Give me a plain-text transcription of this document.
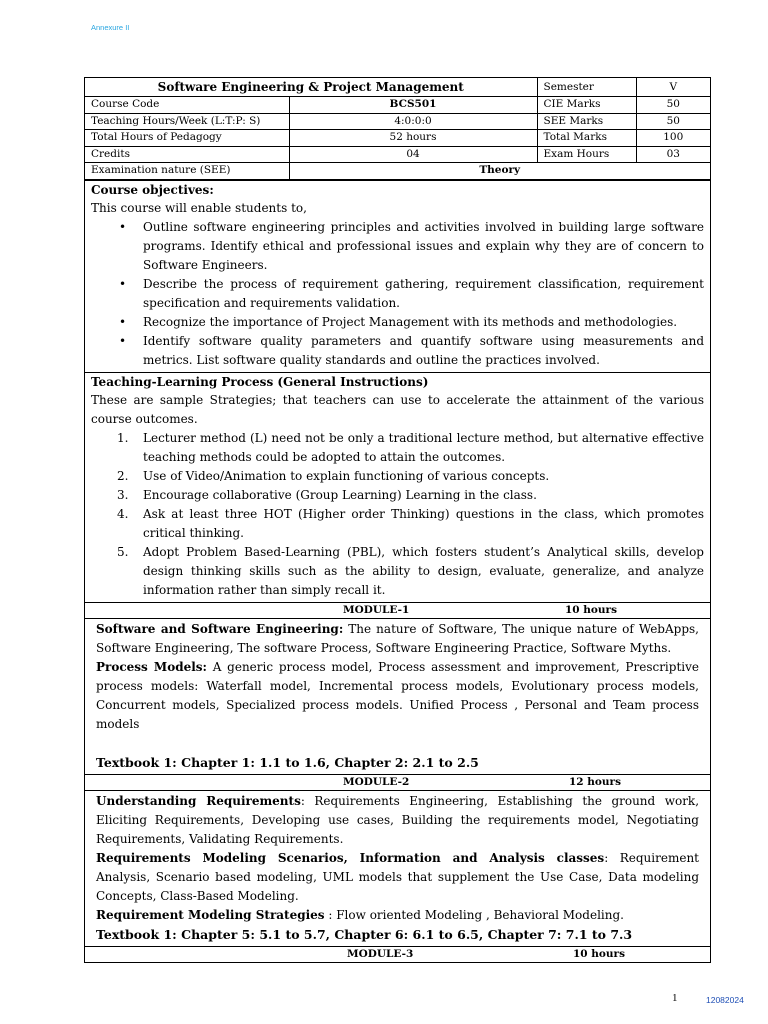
Annexure II
Software Engineering & Project Management		Semester	V
Course Code	BCS501	CIE Marks	50
Teaching Hours/Week (L:T:P: S)	4:0:0:0	SEE Marks	50
Total Hours of Pedagogy	52 hours	Total Marks	100
Credits	04	Exam Hours	03
Examination nature (SEE)	Theory		
Course objectives:
This course will enable students to,
• Outline software engineering principles and activities involved in building large software programs. Identify ethical and professional issues and explain why they are of concern to Software Engineers.
• Describe the process of requirement gathering, requirement classification, requirement specification and requirements validation.
• Recognize the importance of Project Management with its methods and methodologies.
• Identify software quality parameters and quantify software using measurements and metrics. List software quality standards and outline the practices involved.
Teaching-Learning Process (General Instructions)
These are sample Strategies; that teachers can use to accelerate the attainment of the various course outcomes.
1. Lecturer method (L) need not be only a traditional lecture method, but alternative effective teaching methods could be adopted to attain the outcomes.
2. Use of Video/Animation to explain functioning of various concepts.
3. Encourage collaborative (Group Learning) Learning in the class.
4. Ask at least three HOT (Higher order Thinking) questions in the class, which promotes critical thinking.
5. Adopt Problem Based-Learning (PBL), which fosters student’s Analytical skills, develop design thinking skills such as the ability to design, evaluate, generalize, and analyze information rather than simply recall it.
MODULE-1	10 hours

Software and Software Engineering: The nature of Software, The unique nature of WebApps, Software Engineering, The software Process, Software Engineering Practice, Software Myths.

Process Models: A generic process model, Process assessment and improvement, Prescriptive process models: Waterfall model, Incremental process models, Evolutionary process models, Concurrent models, Specialized process models. Unified Process , Personal and Team process models

Textbook 1: Chapter 1: 1.1 to 1.6, Chapter 2: 2.1 to 2.5
MODULE-2	12 hours

Understanding Requirements: Requirements Engineering, Establishing the ground work, Eliciting Requirements, Developing use cases, Building the requirements model, Negotiating Requirements, Validating Requirements.

Requirements Modeling Scenarios, Information and Analysis classes: Requirement Analysis, Scenario based modeling, UML models that supplement the Use Case, Data modeling Concepts, Class-Based Modeling.

Requirement Modeling Strategies : Flow oriented Modeling , Behavioral Modeling.

Textbook 1: Chapter 5: 5.1 to 5.7, Chapter 6: 6.1 to 6.5, Chapter 7: 7.1 to 7.3
MODULE-3	10 hours
1	12082024
